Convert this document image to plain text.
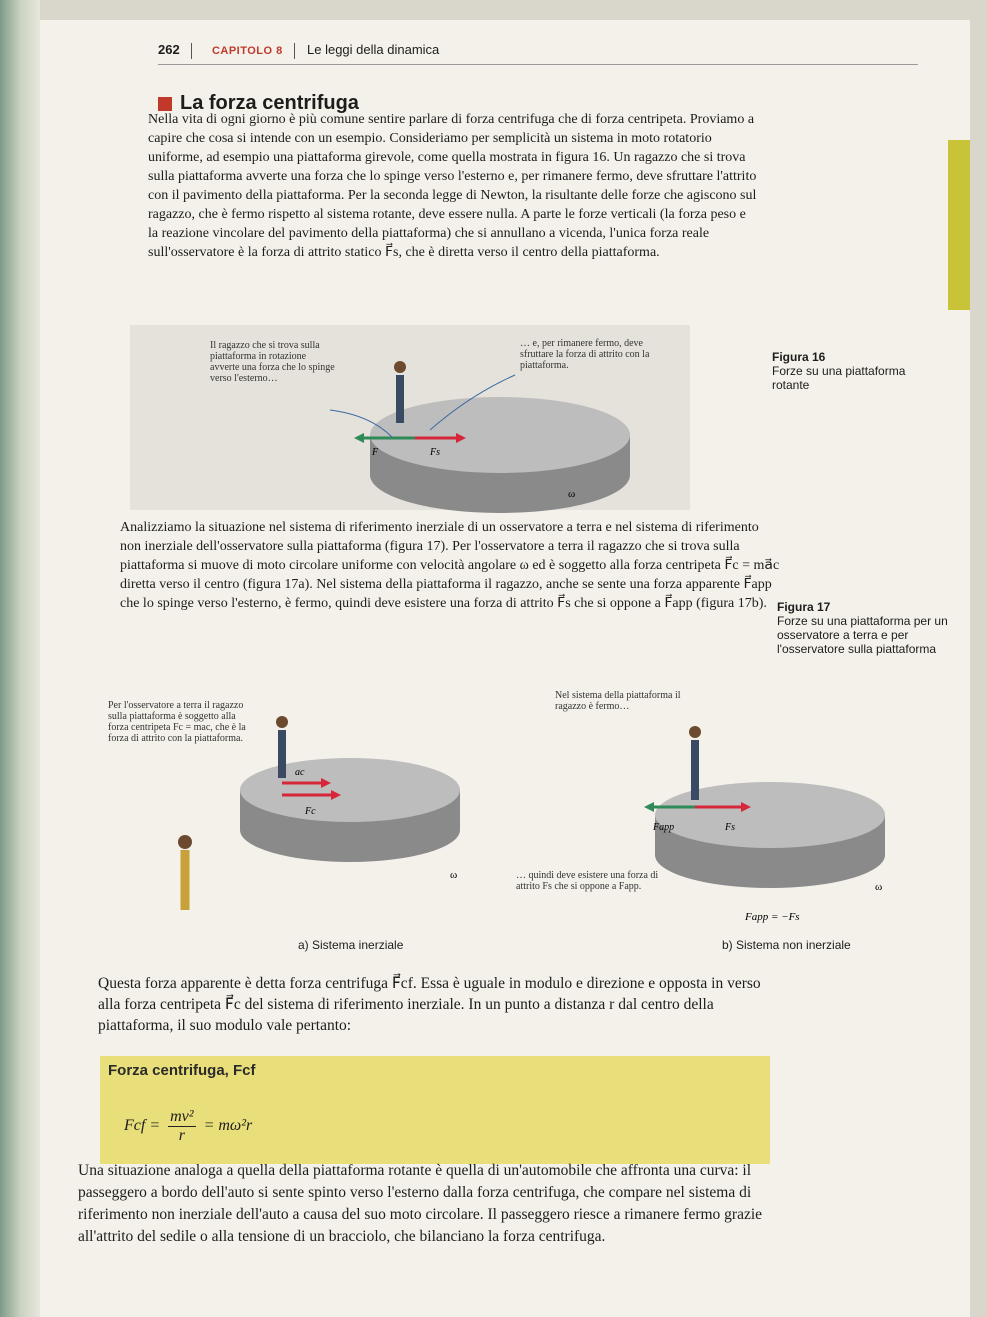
262	CAPITOLO 8 Le leggi della dinamica
La forza centrifuga
Nella vita di ogni giorno è più comune sentire parlare di forza centrifuga che di forza centripeta. Proviamo a capire che cosa si intende con un esempio. Consideriamo per semplicità un sistema in moto rotatorio uniforme, ad esempio una piattaforma girevole, come quella mostrata in figura 16. Un ragazzo che si trova sulla piattaforma avverte una forza che lo spinge verso l'esterno e, per rimanere fermo, deve sfruttare l'attrito con il pavimento della piattaforma. Per la seconda legge di Newton, la risultante delle forze che agiscono sul ragazzo, che è fermo rispetto al sistema rotante, deve essere nulla. A parte le forze verticali (la forza peso e la reazione vincolare del pavimento della piattaforma) che si annullano a vicenda, l'unica forza reale sull'osservatore è la forza di attrito statico F⃗s, che è diretta verso il centro della piattaforma.
F	Fs
ω
Il ragazzo che si trova sulla piattaforma in rotazione avverte una forza che lo spinge verso l'esterno…
… e, per rimanere fermo, deve sfruttare la forza di attrito con la piattaforma.
Figura 16
Forze su una piattaforma rotante
Analizziamo la situazione nel sistema di riferimento inerziale di un osservatore a terra e nel sistema di riferimento non inerziale dell'osservatore sulla piattaforma (figura 17). Per l'osservatore a terra il ragazzo che si trova sulla piattaforma si muove di moto circolare uniforme con velocità angolare ω ed è soggetto alla forza centripeta F⃗c = ma⃗c diretta verso il centro (figura 17a). Nel sistema della piattaforma il ragazzo, anche se sente una forza apparente F⃗app che lo spinge verso l'esterno, è fermo, quindi deve esistere una forza di attrito F⃗s che si oppone a F⃗app (figura 17b). Figura 17
Forze su una piattaforma per un osservatore a terra e per l'osservatore sulla piattaforma
ac
Fc
ω
Per l'osservatore a terra il ragazzo sulla piattaforma è soggetto alla forza centripeta Fc = mac, che è la forza di attrito con la piattaforma.
Fapp	Fs
ω
Fapp = −Fs
Nel sistema della piattaforma il ragazzo è fermo…
… quindi deve esistere una forza di attrito Fs che si oppone a Fapp.
a) Sistema inerziale	b) Sistema non inerziale
Questa forza apparente è detta forza centrifuga F⃗cf. Essa è uguale in modulo e direzione e opposta in verso alla forza centripeta F⃗c del sistema di riferimento inerziale. In un punto a distanza r dal centro della piattaforma, il suo modulo vale pertanto:
Forza centrifuga, Fcf
Fcf = $\frac{\text{mv²}}{r} = m\omega^2r$
Una situazione analoga a quella della piattaforma rotante è quella di un'automobile che affronta una curva: il passeggero a bordo dell'auto si sente spinto verso l'esterno dalla forza centrifuga, che compare nel sistema di riferimento non inerziale dell'auto a causa del suo moto circolare. Il passeggero riesce a rimanere fermo grazie all'attrito del sedile o alla tensione di un bracciolo, che bilanciano la forza centrifuga.
